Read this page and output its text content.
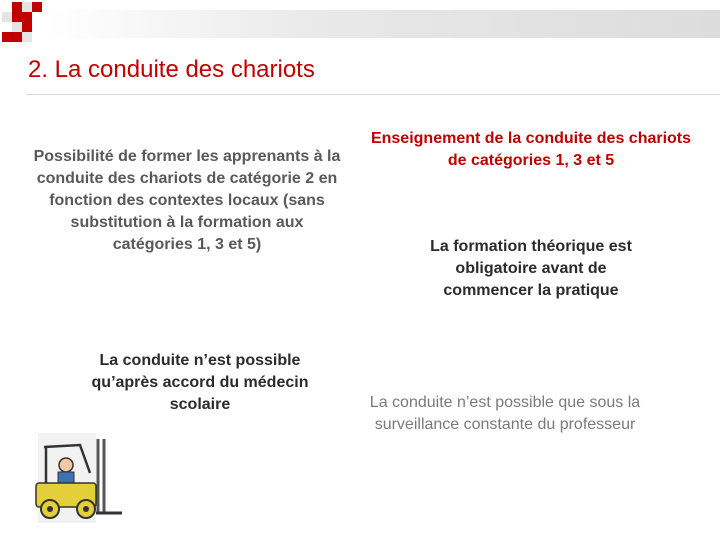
2. La conduite des chariots

Possibilité de former les apprenants à la conduite des chariots de catégorie 2 en fonction des contextes locaux (sans substitution à la formation aux catégories 1, 3 et 5)

La conduite n’est possible qu’après accord du médecin scolaire

Enseignement de la conduite des chariots de catégories 1, 3 et 5

La formation théorique est obligatoire avant de commencer la pratique

La conduite n’est possible que sous la surveillance constante du professeur
